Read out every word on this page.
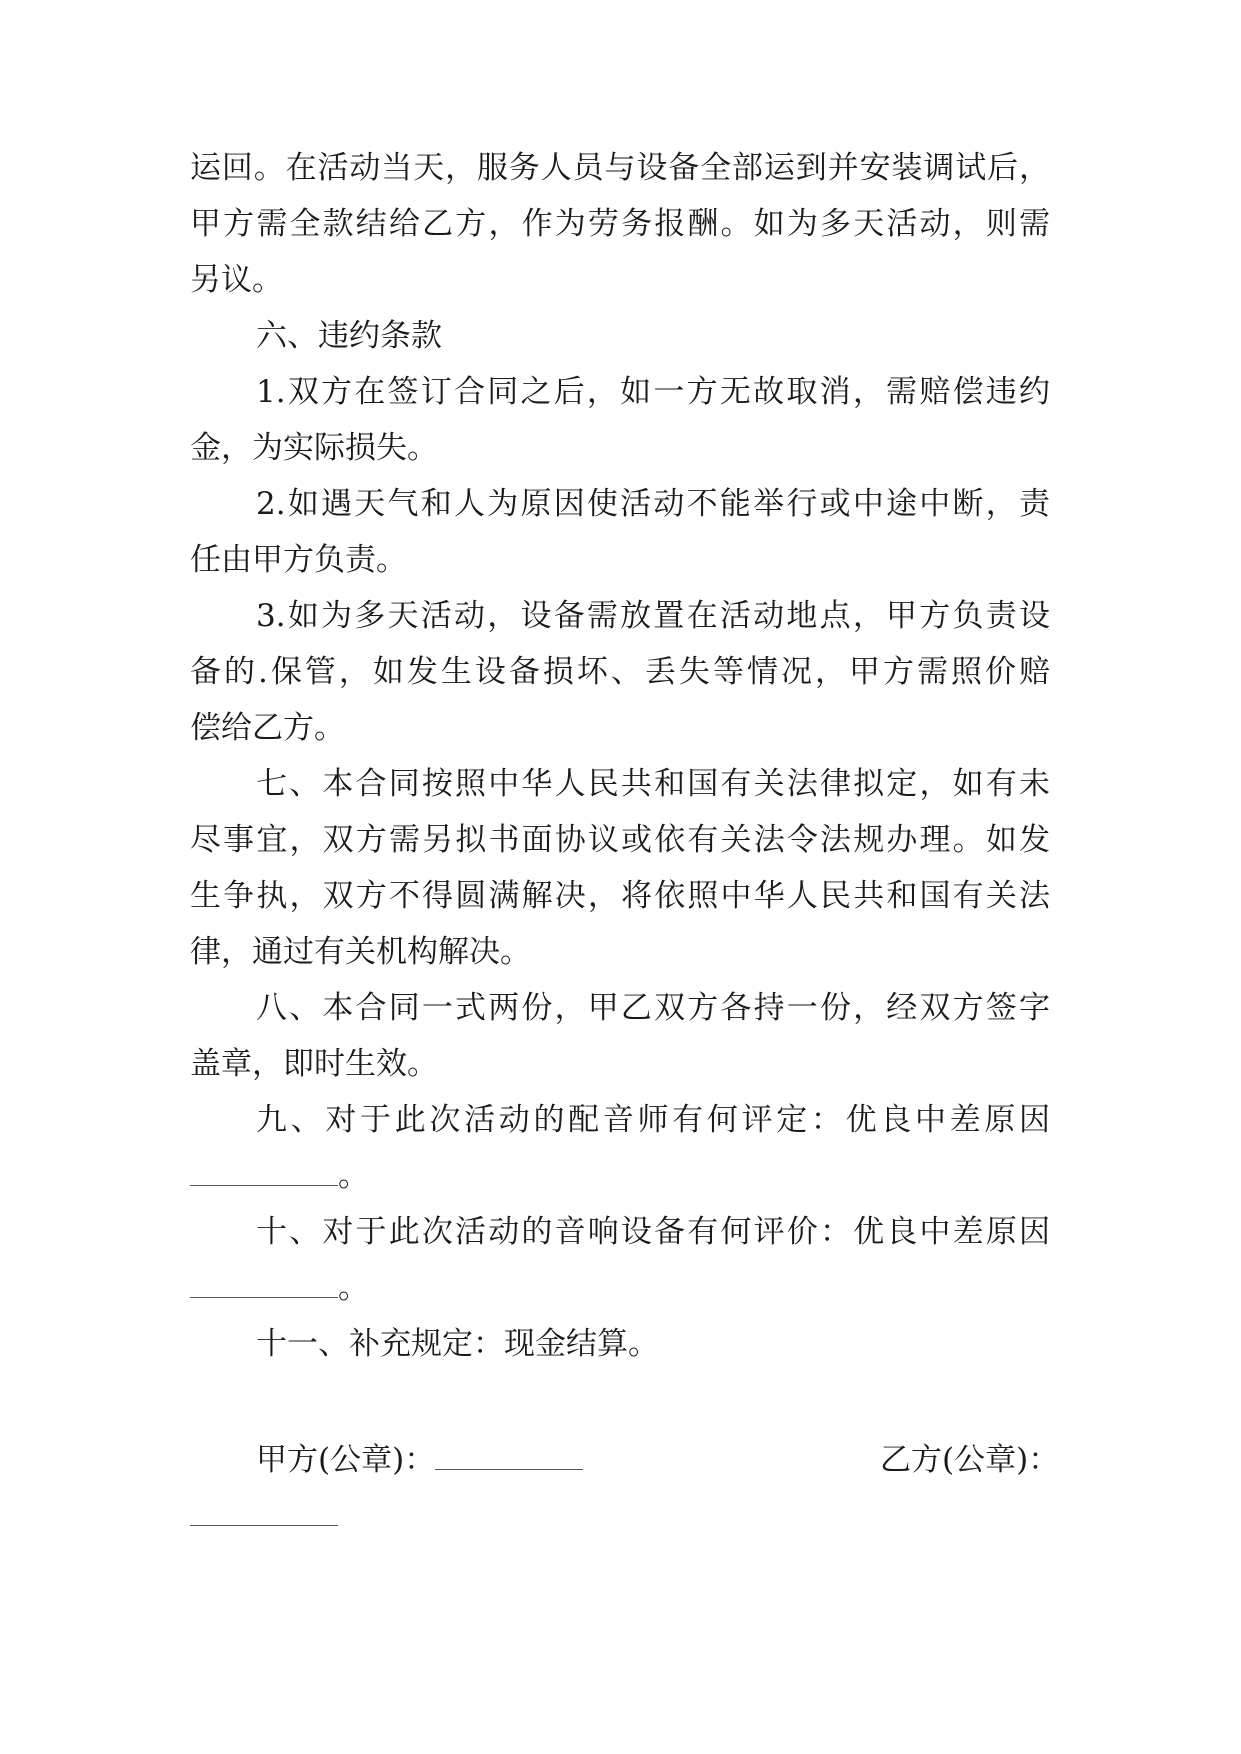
运回。在活动当天，服务人员与设备全部运到并安装调试后，
甲方需全款结给乙方，作为劳务报酬。如为多天活动，则需
另议。
六、违约条款
1.双方在签订合同之后，如一方无故取消，需赔偿违约
金，为实际损失。
2.如遇天气和人为原因使活动不能举行或中途中断，责
任由甲方负责。
3.如为多天活动，设备需放置在活动地点，甲方负责设
备的.保管，如发生设备损坏、丢失等情况，甲方需照价赔
偿给乙方。
七、本合同按照中华人民共和国有关法律拟定，如有未
尽事宜，双方需另拟书面协议或依有关法令法规办理。如发
生争执，双方不得圆满解决，将依照中华人民共和国有关法
律，通过有关机构解决。
八、本合同一式两份，甲乙双方各持一份，经双方签字
盖章，即时生效。
九、对于此次活动的配音师有何评定：优良中差原因
。
十、对于此次活动的音响设备有何评价：优良中差原因
。
十一、补充规定：现金结算。
甲方(公章)：	乙方(公章)：
